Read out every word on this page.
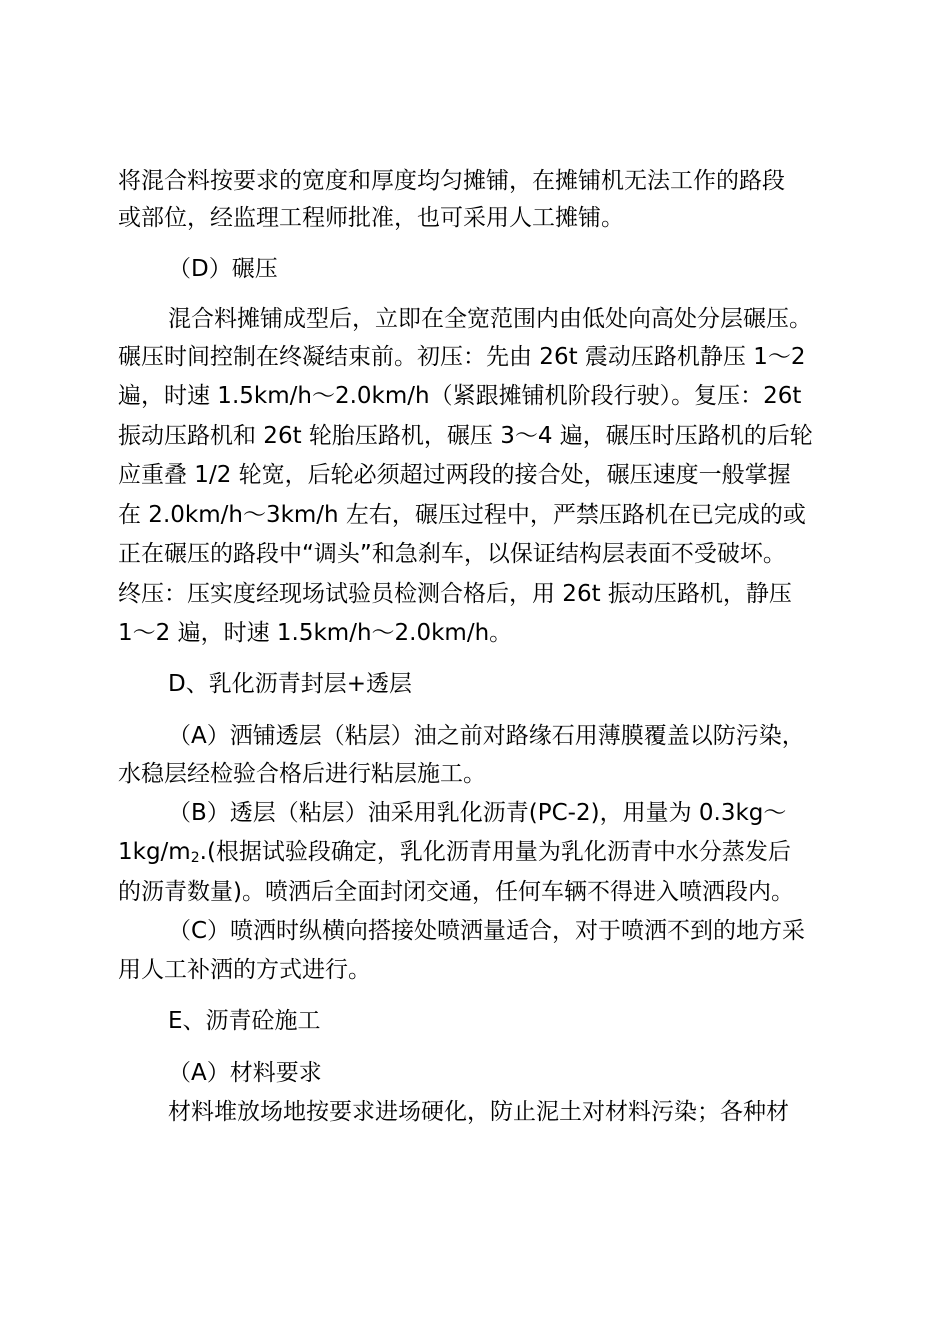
将混合料按要求的宽度和厚度均匀摊铺，在摊铺机无法工作的路段
或部位，经监理工程师批准，也可采用人工摊铺。
（D）碾压
混合料摊铺成型后，立即在全宽范围内由低处向高处分层碾压。
碾压时间控制在终凝结束前。初压：先由 26t 震动压路机静压 1～2
遍，时速 1.5km/h～2.0km/h（紧跟摊铺机阶段行驶）。复压：26t
振动压路机和 26t 轮胎压路机，碾压 3～4 遍，碾压时压路机的后轮
应重叠 1/2 轮宽，后轮必须超过两段的接合处，碾压速度一般掌握
在 2.0km/h～3km/h 左右，碾压过程中，严禁压路机在已完成的或
正在碾压的路段中“调头”和急刹车，以保证结构层表面不受破坏。
终压：压实度经现场试验员检测合格后，用 26t 振动压路机，静压
1～2 遍，时速 1.5km/h～2.0km/h。
D、乳化沥青封层+透层
（A）洒铺透层（粘层）油之前对路缘石用薄膜覆盖以防污染，
水稳层经检验合格后进行粘层施工。
（B）透层（粘层）油采用乳化沥青(PC-2)，用量为 0.3kg～
$1kg/m_2$.(根据试验段确定，乳化沥青用量为乳化沥青中水分蒸发后
的沥青数量)。喷洒后全面封闭交通，任何车辆不得进入喷洒段内。
（C）喷洒时纵横向搭接处喷洒量适合，对于喷洒不到的地方采
用人工补洒的方式进行。
E、沥青砼施工
（A）材料要求
材料堆放场地按要求进场硬化，防止泥土对材料污染；各种材
